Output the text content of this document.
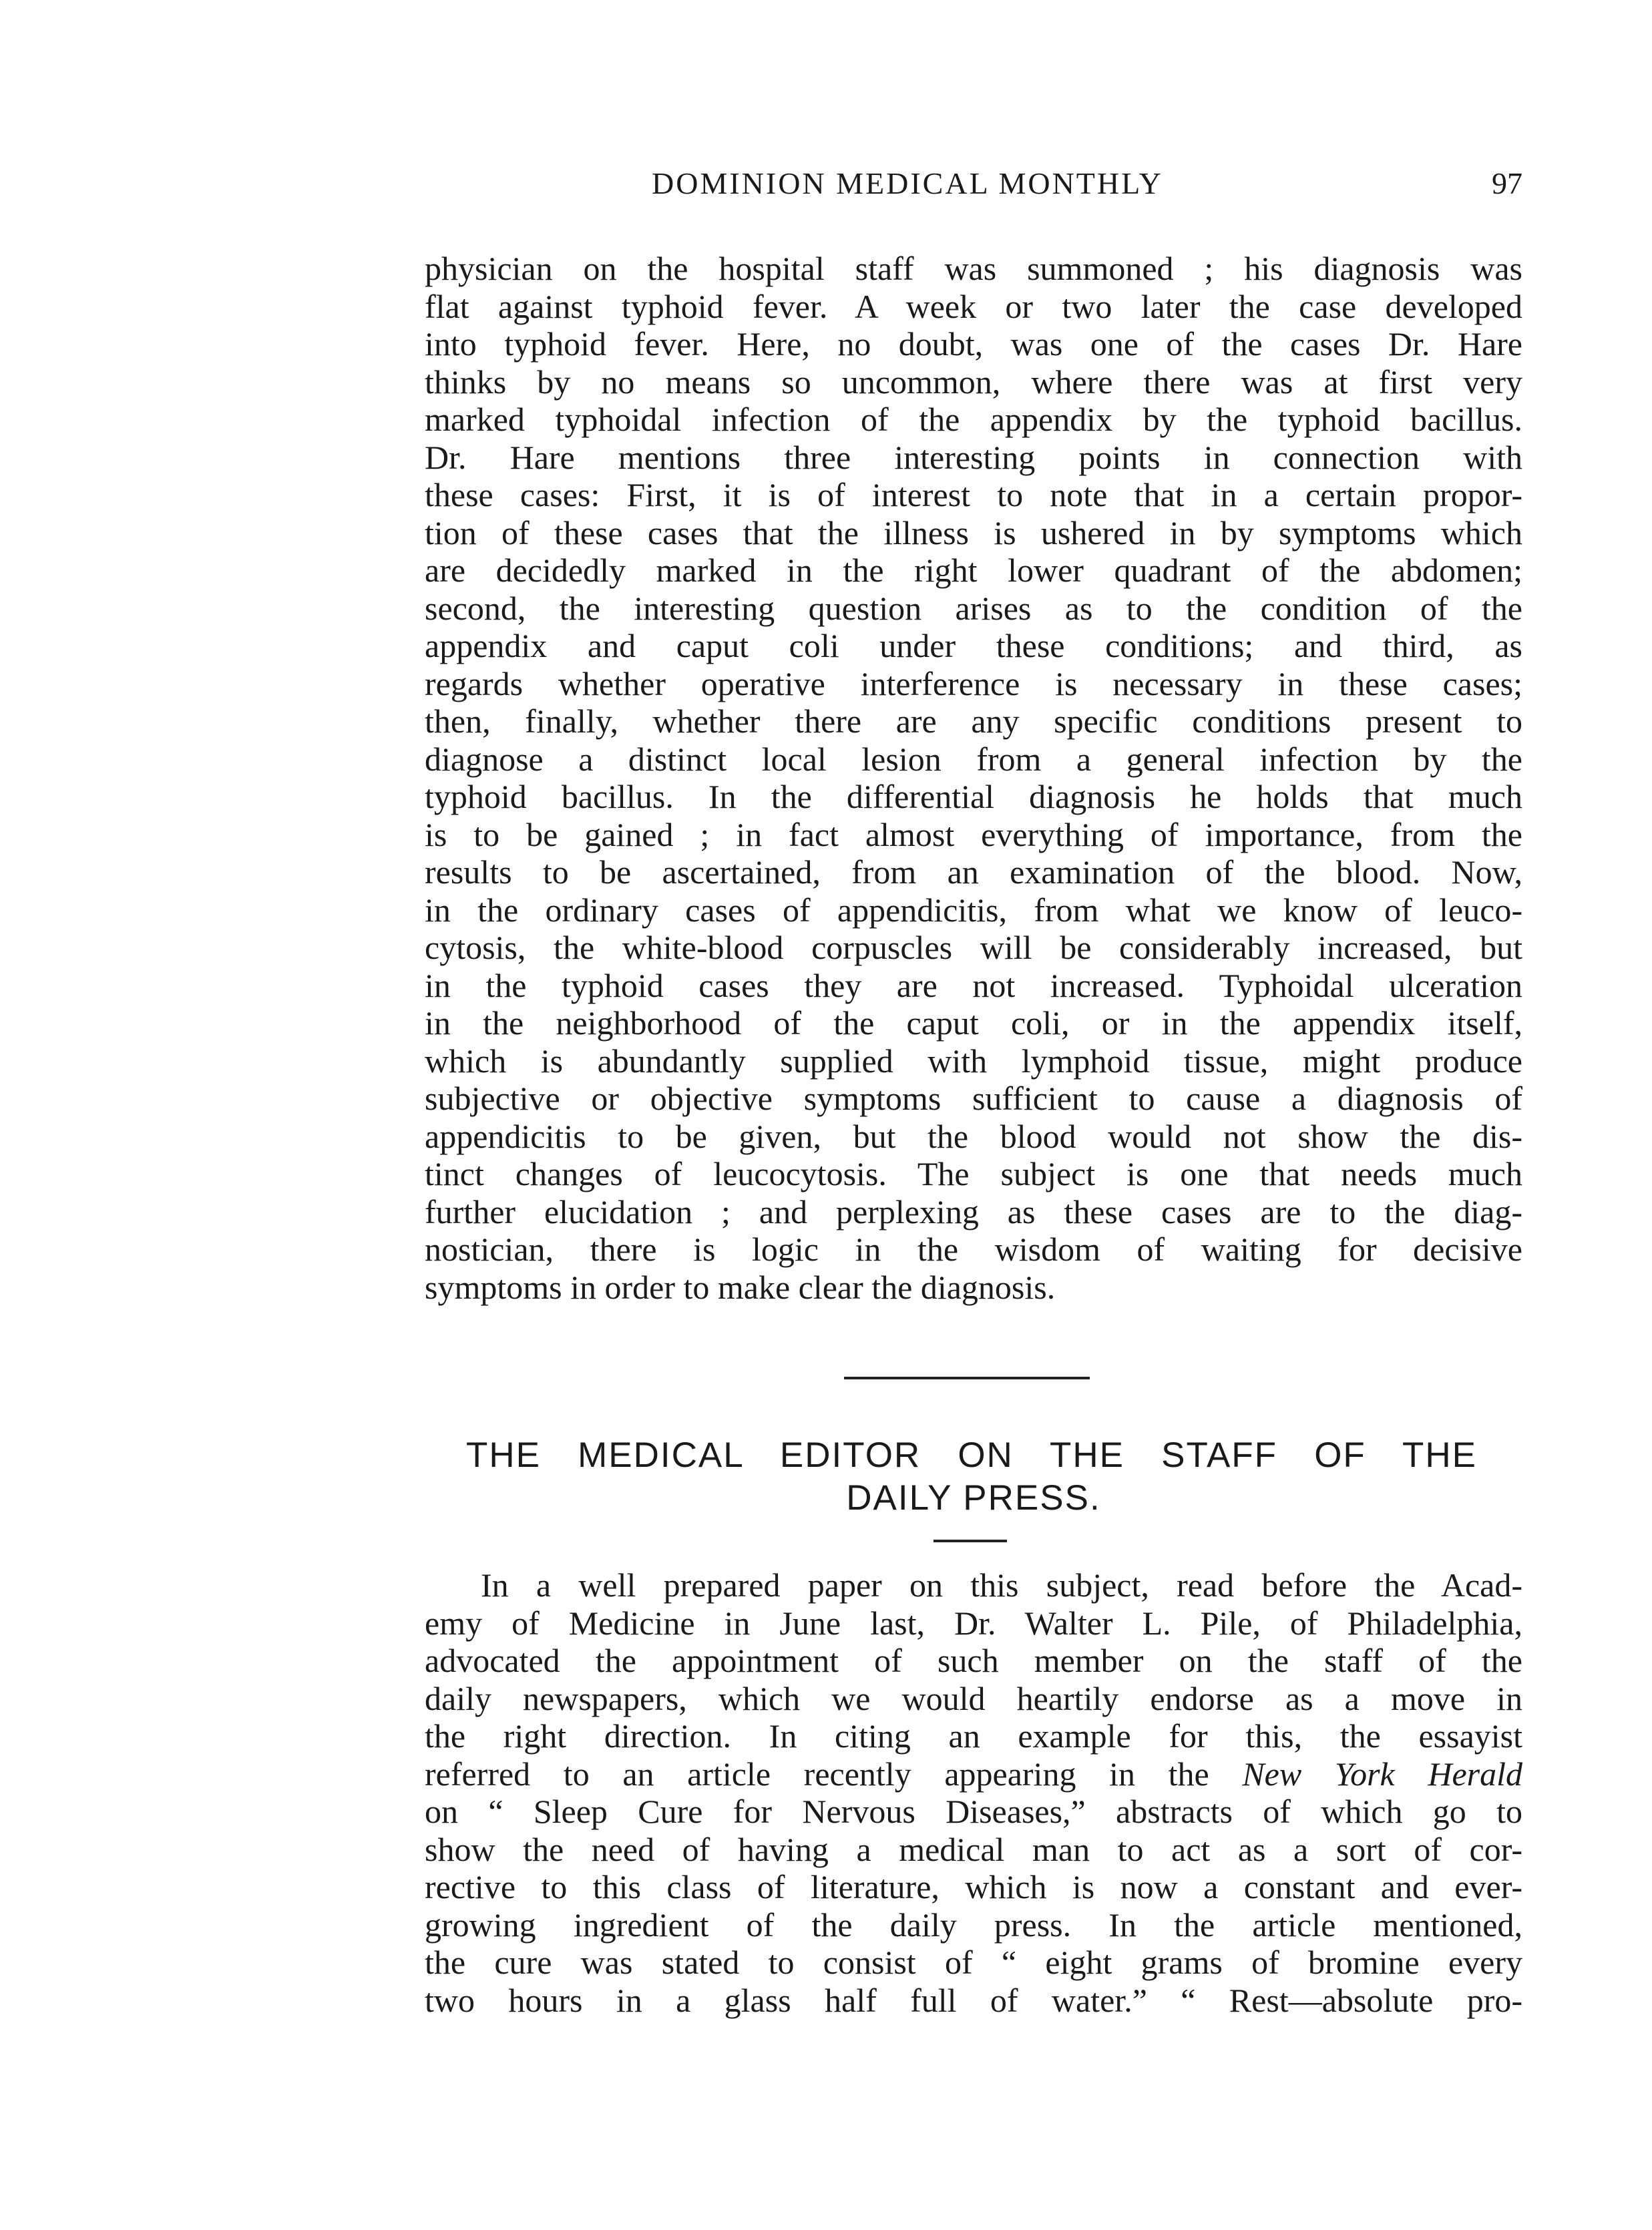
DOMINION MEDICAL MONTHLY	97
physician on the hospital staff was summoned ; his diagnosis was
flat against typhoid fever. A week or two later the case developed
into typhoid fever. Here, no doubt, was one of the cases Dr. Hare
thinks by no means so uncommon, where there was at first very
marked typhoidal infection of the appendix by the typhoid bacillus.
Dr. Hare mentions three interesting points in connection with
these cases: First, it is of interest to note that in a certain propor-
tion of these cases that the illness is ushered in by symptoms which
are decidedly marked in the right lower quadrant of the abdomen;
second, the interesting question arises as to the condition of the
appendix and caput coli under these conditions; and third, as
regards whether operative interference is necessary in these cases;
then, finally, whether there are any specific conditions present to
diagnose a distinct local lesion from a general infection by the
typhoid bacillus. In the differential diagnosis he holds that much
is to be gained ; in fact almost everything of importance, from the
results to be ascertained, from an examination of the blood. Now,
in the ordinary cases of appendicitis, from what we know of leuco-
cytosis, the white-blood corpuscles will be considerably increased, but
in the typhoid cases they are not increased. Typhoidal ulceration
in the neighborhood of the caput coli, or in the appendix itself,
which is abundantly supplied with lymphoid tissue, might produce
subjective or objective symptoms sufficient to cause a diagnosis of
appendicitis to be given, but the blood would not show the dis-
tinct changes of leucocytosis. The subject is one that needs much
further elucidation ; and perplexing as these cases are to the diag-
nostician, there is logic in the wisdom of waiting for decisive
symptoms in order to make clear the diagnosis.
THE MEDICAL EDITOR ON THE STAFF OF THE
DAILY PRESS.
In a well prepared paper on this subject, read before the Acad-
emy of Medicine in June last, Dr. Walter L. Pile, of Philadelphia,
advocated the appointment of such member on the staff of the
daily newspapers, which we would heartily endorse as a move in
the right direction. In citing an example for this, the essayist
referred to an article recently appearing in the New York Herald
on “ Sleep Cure for Nervous Diseases,” abstracts of which go to
show the need of having a medical man to act as a sort of cor-
rective to this class of literature, which is now a constant and ever-
growing ingredient of the daily press. In the article mentioned,
the cure was stated to consist of “ eight grams of bromine every
two hours in a glass half full of water.” “ Rest—absolute pro-
